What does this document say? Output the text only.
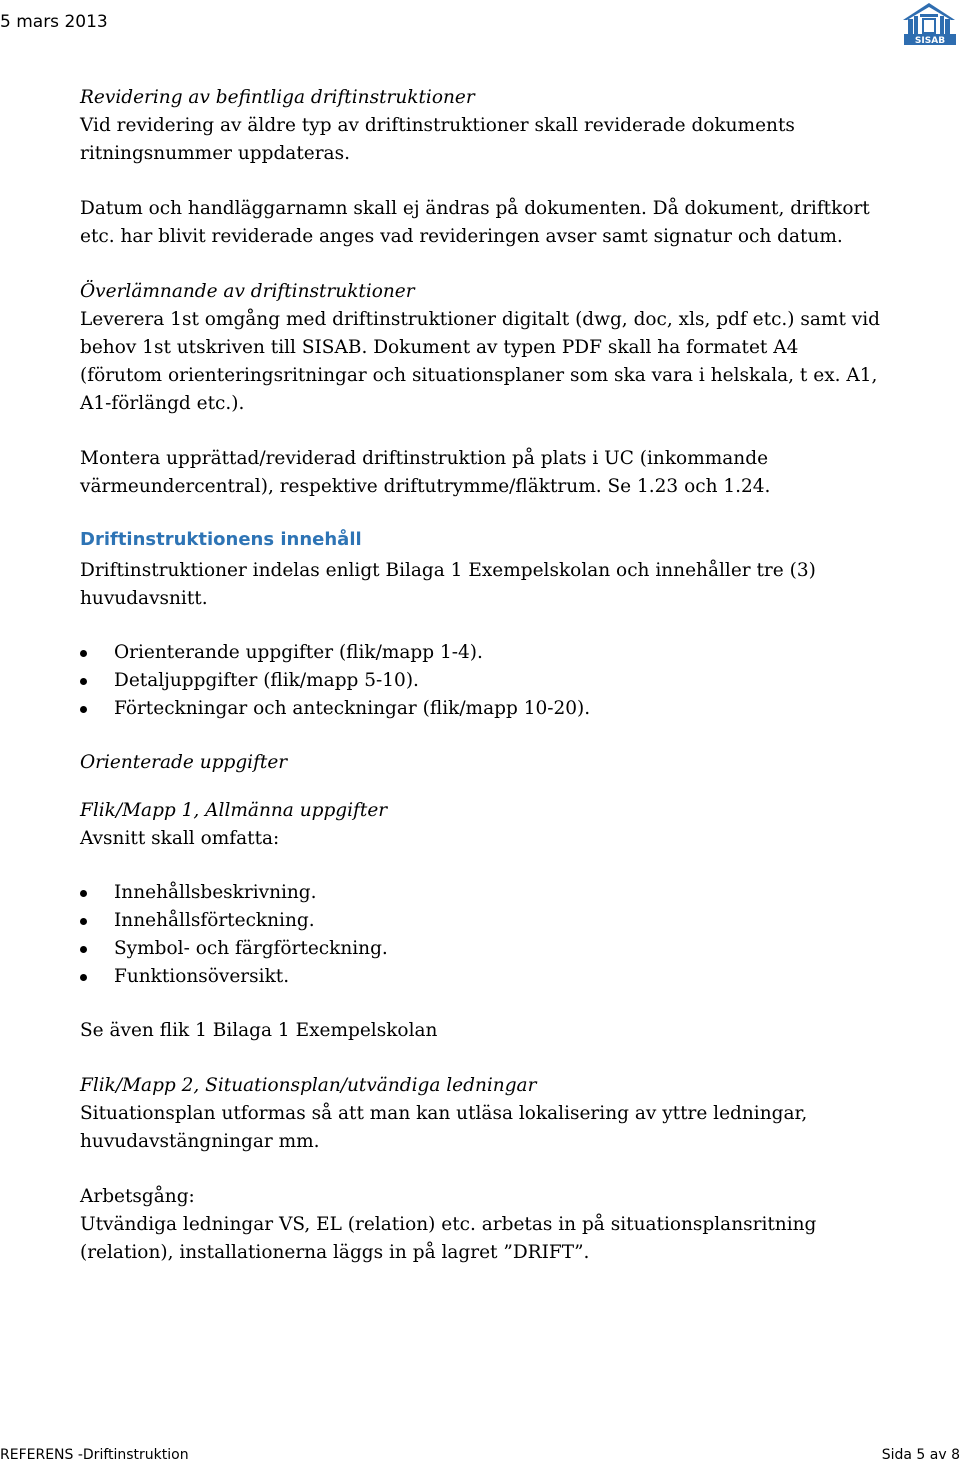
5 mars 2013
SISAB
Revidering av befintliga driftinstruktioner
Vid revidering av äldre typ av driftinstruktioner skall reviderade dokuments
ritningsnummer uppdateras.
Datum och handläggarnamn skall ej ändras på dokumenten. Då dokument, driftkort
etc. har blivit reviderade anges vad revideringen avser samt signatur och datum.
Överlämnande av driftinstruktioner
Leverera 1st omgång med driftinstruktioner digitalt (dwg, doc, xls, pdf etc.) samt vid
behov 1st utskriven till SISAB. Dokument av typen PDF skall ha formatet A4
(förutom orienteringsritningar och situationsplaner som ska vara i helskala, t ex. A1,
A1-förlängd etc.).
Montera upprättad/reviderad driftinstruktion på plats i UC (inkommande
värmeundercentral), respektive driftutrymme/fläktrum. Se 1.23 och 1.24.
Driftinstruktionens innehåll
Driftinstruktioner indelas enligt Bilaga 1 Exempelskolan och innehåller tre (3)
huvudavsnitt.
Orienterande uppgifter (flik/mapp 1-4).
Detaljuppgifter (flik/mapp 5-10).
Förteckningar och anteckningar (flik/mapp 10-20).
Orienterade uppgifter
Flik/Mapp 1, Allmänna uppgifter
Avsnitt skall omfatta:
Innehållsbeskrivning.
Innehållsförteckning.
Symbol- och färgförteckning.
Funktionsöversikt.
Se även flik 1 Bilaga 1 Exempelskolan
Flik/Mapp 2, Situationsplan/utvändiga ledningar
Situationsplan utformas så att man kan utläsa lokalisering av yttre ledningar,
huvudavstängningar mm.
Arbetsgång:
Utvändiga ledningar VS, EL (relation) etc. arbetas in på situationsplansritning
(relation), installationerna läggs in på lagret ”DRIFT”.
REFERENS -Driftinstruktion	Sida 5 av 8
